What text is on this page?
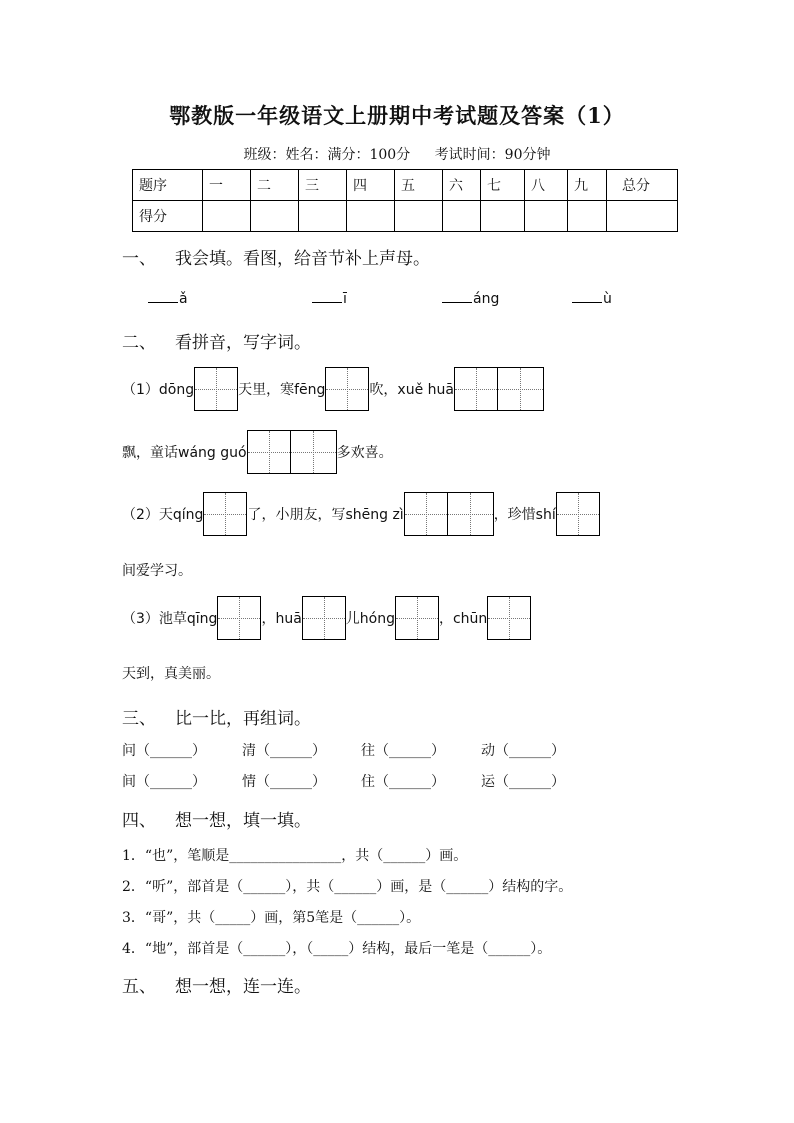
鄂教版一年级语文上册期中考试题及答案（1）
班级：姓名：满分：100分 考试时间：90分钟
题序	一	二	三	四	五	六	七	八	九	总分
得分										
一、 我会填。看图，给音节补上声母。
ǎ	ī	áng	ù
二、 看拼音，写字词。
（1）dōng	天里，寒fēng	吹，xuě huā
飘，童话wáng guó	多欢喜。
（2）天qíng	了，小朋友，写shēng zì	，珍惜shí
间爱学习。
（3）池草qīng	，huā	儿hóng	，chūn
天到，真美丽。
三、 比一比，再组词。
问（______）	清（______）	往（______）	动（______）
间（______）	情（______）	住（______）	运（______）
四、 想一想，填一填。
1．“也”，笔顺是________________，共（______）画。
2．“听”，部首是（______），共（______）画，是（______）结构的字。
3．“哥”，共（_____）画，第5笔是（______）。
4．“地”，部首是（______），（_____）结构，最后一笔是（______）。
五、 想一想，连一连。
